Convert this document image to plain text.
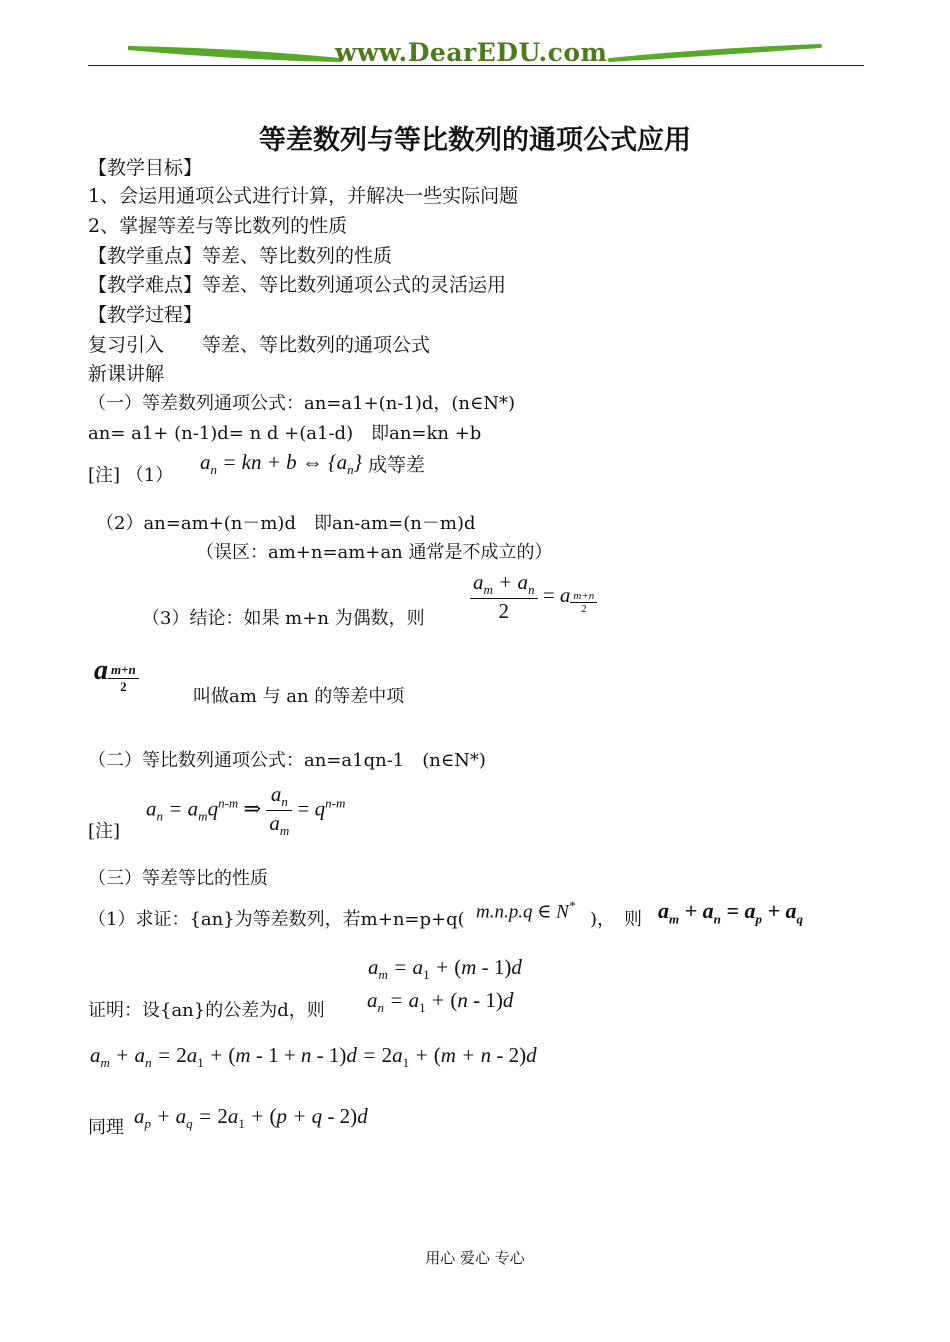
www.DearEDU.com
等差数列与等比数列的通项公式应用
【教学目标】
1、会运用通项公式进行计算，并解决一些实际问题
2、掌握等差与等比数列的性质
【教学重点】等差、等比数列的性质
【教学难点】等差、等比数列通项公式的灵活运用
【教学过程】
复习引入　　等差、等比数列的通项公式
新课讲解
（一）等差数列通项公式：an=a1+(n-1)d，(n∈N*)
an= a1+ (n-1)d= n d +(a1-d)　即an=kn +b
[注] （1）
$a_n$ = kn + b ⇔ $\{a_n\}$ 成等差
（2）an=am+(n－m)d　即an-am=(n－m)d
（误区：am+n=am+an 通常是不成立的）
（3）结论：如果 m+n 为偶数，则 $\frac{a_m + a_n}{2} = a \frac{m+n}{2}$
a $\frac{m+n}{2}$
叫做am 与 an 的等差中项
（二）等比数列通项公式：an=a1qn-1　(n∈N*)
$a_n = a_mq^{n-m}$ ⇒ $\frac{a_n}{a_m} = q^{n-m}$
[注]
（三）等差等比的性质
（1）求证：{an}为等差数列，若m+n=p+q( m.n.p.q ∈ N*
)，　则 $a_m + a_n = a_p + a_q$
$a_m = a_1 + (m - 1)d$
证明：设{an}的公差为d，则 $a_n = a_1 + (n - 1)d$
$a_m + a_n = 2a_1 + (m - 1 + n - 1)d = 2a_1 + (m + n - 2)d$
同理 $a_p + a_q = 2a_1 + (p + q - 2)d$
用心 爱心 专心
